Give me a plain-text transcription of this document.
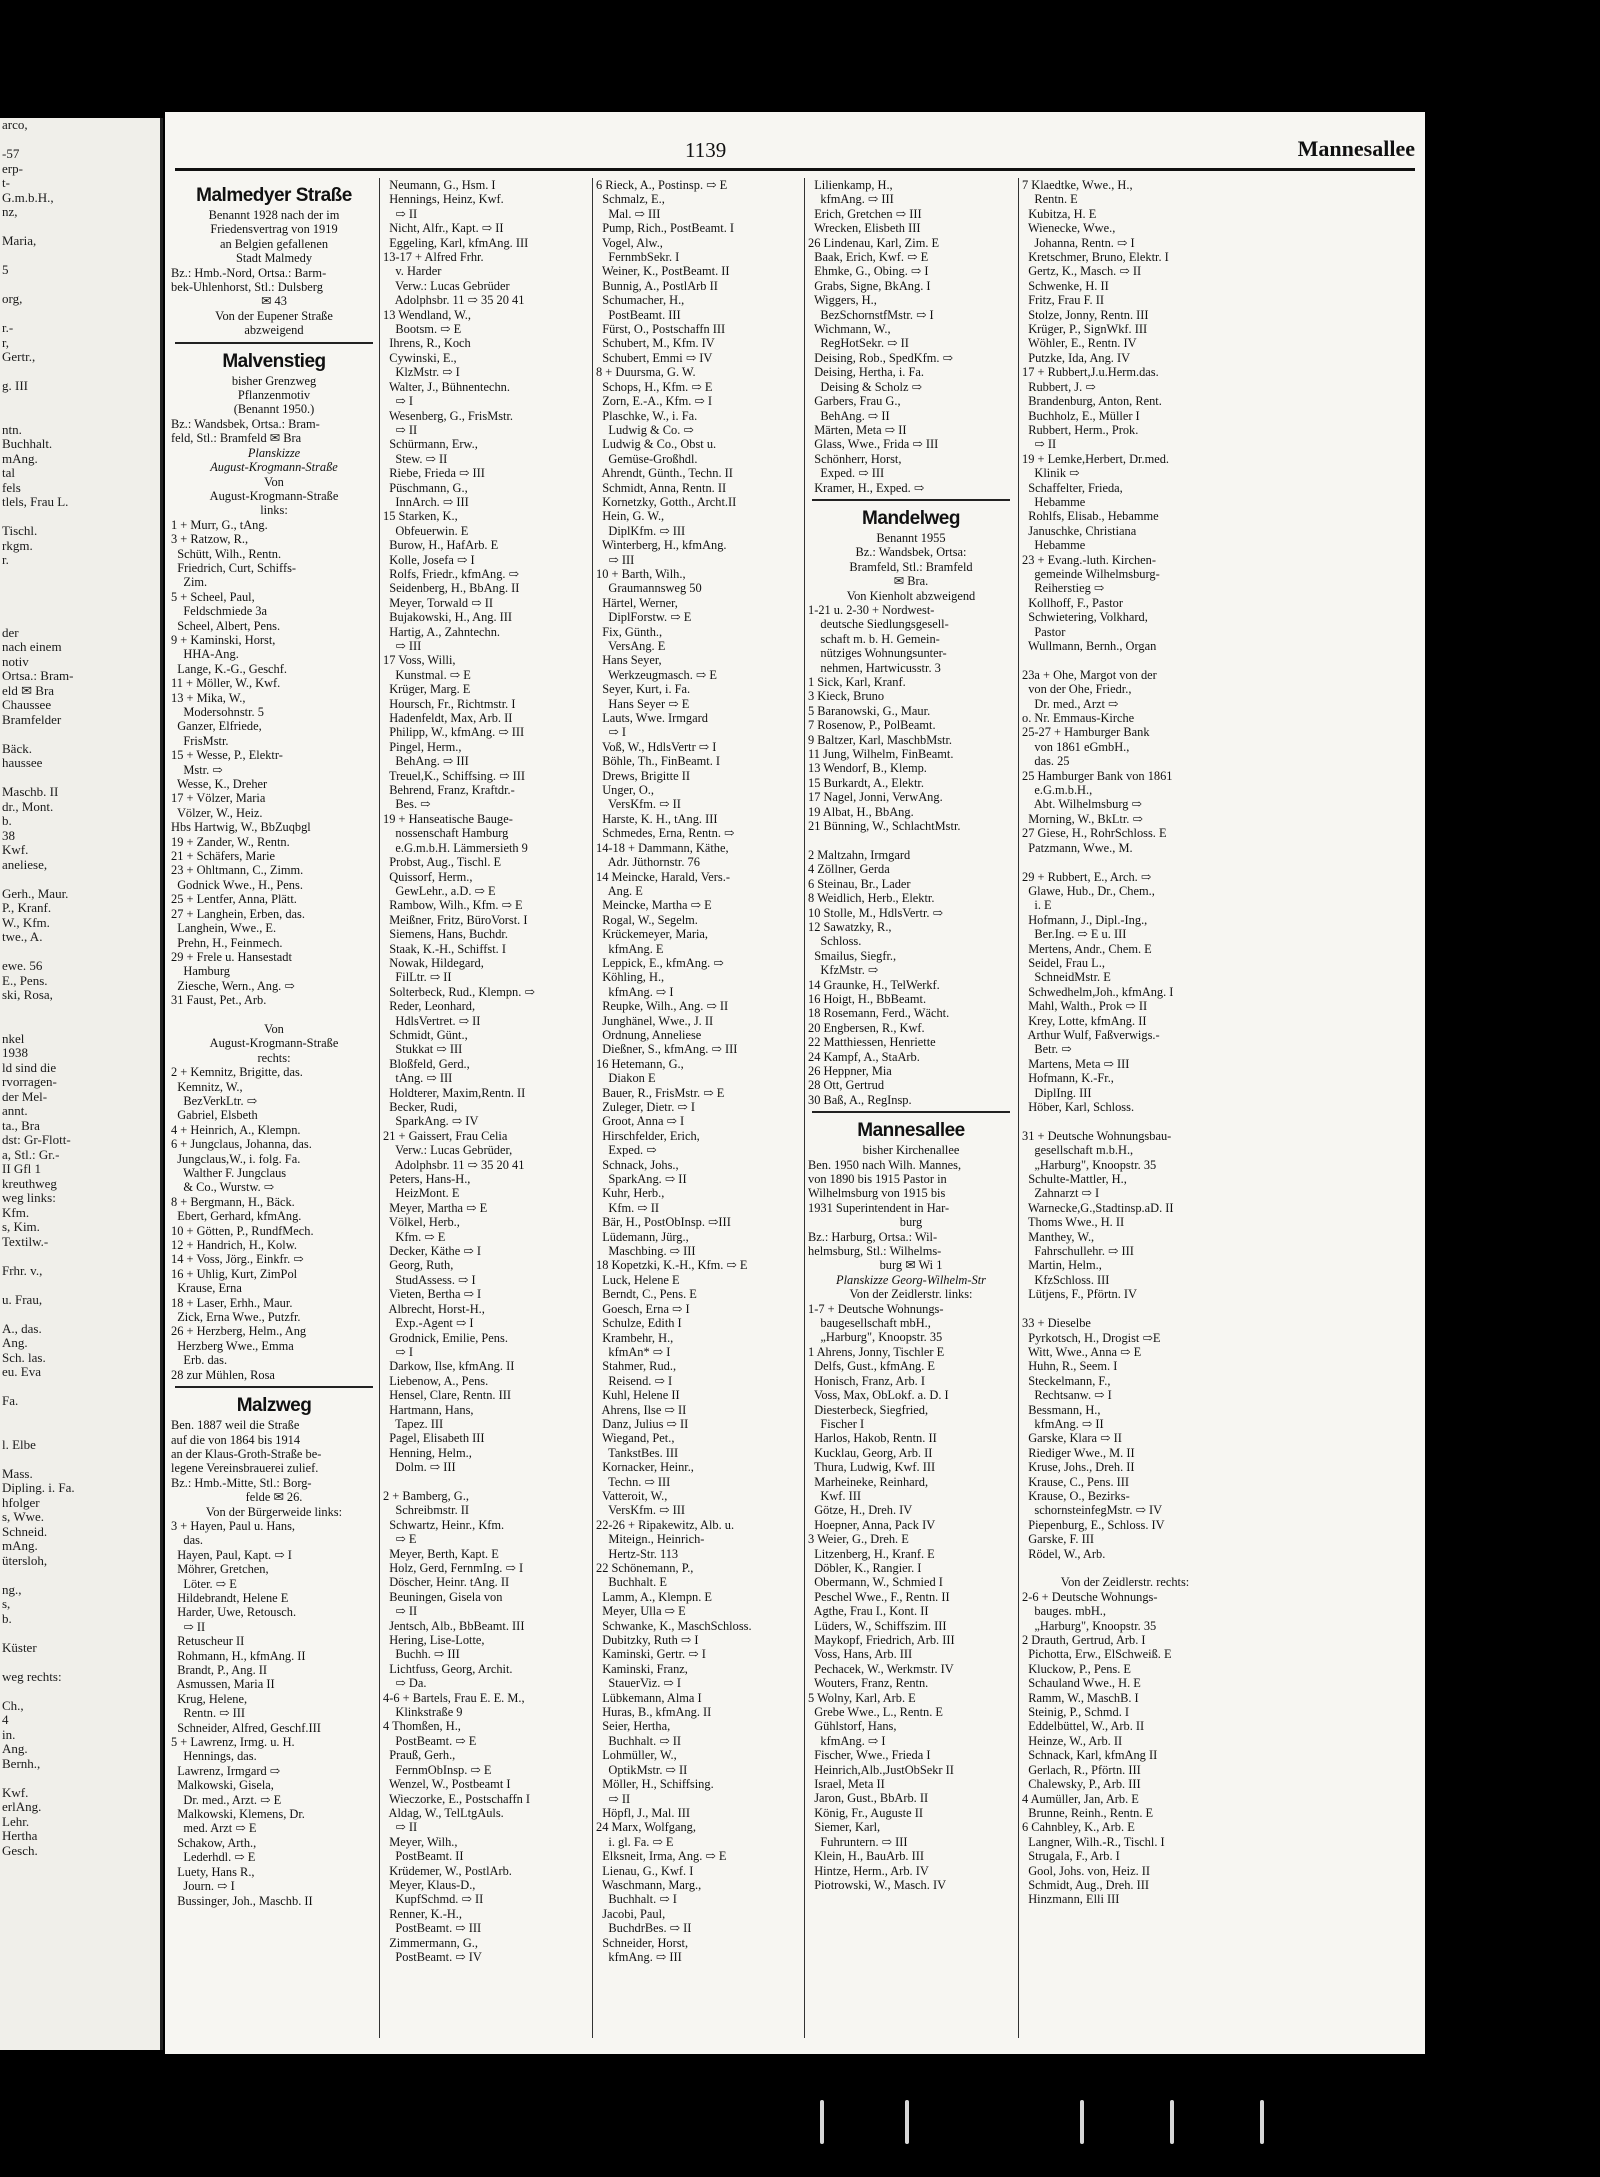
arco,

-57
erp-
t-
G.m.b.H.,
nz,

Maria,

5

org,

r.-
r,
Gertr.,

g. III

ntn.
Buchhalt.
mAng.
tal
fels
tlels, Frau L.

Tischl.
rkgm.
r.

der
nach einem
notiv
Ortsa.: Bram-
eld ✉ Bra
Chaussee
Bramfelder

Bäck.
haussee

Maschb. II
dr., Mont.
b.
38
Kwf.
aneliese,

Gerh., Maur.
P., Kranf.
W., Kfm.
twe., A.

ewe. 56
E., Pens.
ski, Rosa,

nkel
1938
ld sind die
rvorragen-
der Mel-
annt.
ta., Bra
dst: Gr-Flott-
a, Stl.: Gr.-
II Gfl 1
kreuthweg
weg links:
Kfm.
s, Kim.
Textilw.-

Frhr. v.,

u. Frau,

A., das.
Ang.
Sch. las.
eu. Eva

Fa.

l. Elbe

Mass.
Dipling. i. Fa.
hfolger
s, Wwe.
Schneid.
mAng.
ütersloh,

ng.,
s,
b.

Küster

weg rechts:

Ch.,
4
in.
Ang.
Bernh.,

Kwf.
erlAng.
Lehr.
Hertha
Gesch.
1139	Mannesallee
Malmedyer Straße
Benannt 1928 nach der im
Friedensvertrag von 1919
an Belgien gefallenen
Stadt Malmedy
Bz.: Hmb.-Nord, Ortsa.: Barm-
bek-Uhlenhorst, Stl.: Dulsberg
✉ 43
Von der Eupener Straße
abzweigend
Malvenstieg
bisher Grenzweg
Pflanzenmotiv
(Benannt 1950.)
Bz.: Wandsbek, Ortsa.: Bram-
feld, Stl.: Bramfeld ✉ Bra
Planskizze
August-Krogmann-Straße
Von
August-Krogmann-Straße
links:
1 + Murr, G., tAng.
3 + Ratzow, R.,
Schütt, Wilh., Rentn.
Friedrich, Curt, Schiffs-
Zim.
5 + Scheel, Paul,
Feldschmiede 3a
Scheel, Albert, Pens.
9 + Kaminski, Horst,
HHA-Ang.
Lange, K.-G., Geschf.
11 + Möller, W., Kwf.
13 + Mika, W.,
Modersohnstr. 5
Ganzer, Elfriede,
FrisMstr.
15 + Wesse, P., Elektr-
Mstr. ⇨
Wesse, K., Dreher
17 + Völzer, Maria
Völzer, W., Heiz.
Hbs Hartwig, W., BbZuqbgl
19 + Zander, W., Rentn.
21 + Schäfers, Marie
23 + Ohltmann, C., Zimm.
Godnick Wwe., H., Pens.
25 + Lentfer, Anna, Plätt.
27 + Langhein, Erben, das.
Langhein, Wwe., E.
Prehn, H., Feinmech.
29 + Frele u. Hansestadt
Hamburg
Ziesche, Wern., Ang. ⇨
31 Faust, Pet., Arb.

Von
August-Krogmann-Straße
rechts:
2 + Kemnitz, Brigitte, das.
Kemnitz, W.,
BezVerkLtr. ⇨
Gabriel, Elsbeth
4 + Heinrich, A., Klempn.
6 + Jungclaus, Johanna, das.
Jungclaus,W., i. folg. Fa.
Walther F. Jungclaus
& Co., Wurstw. ⇨
8 + Bergmann, H., Bäck.
Ebert, Gerhard, kfmAng.
10 + Götten, P., RundfMech.
12 + Handrich, H., Kolw.
14 + Voss, Jörg., Einkfr. ⇨
16 + Uhlig, Kurt, ZimPol
Krause, Erna
18 + Laser, Erhh., Maur.
Zick, Erna Wwe., Putzfr.
26 + Herzberg, Helm., Ang
Herzberg Wwe., Emma
Erb. das.
28 zur Mühlen, Rosa
Malzweg
Ben. 1887 weil die Straße
auf die von 1864 bis 1914
an der Klaus-Groth-Straße be-
legene Vereinsbrauerei zulief.
Bz.: Hmb.-Mitte, Stl.: Borg-
felde ✉ 26.
Von der Bürgerweide links:
3 + Hayen, Paul u. Hans,
das.
Hayen, Paul, Kapt. ⇨ I
Möhrer, Gretchen,
Löter. ⇨ E
Hildebrandt, Helene E
Harder, Uwe, Retousch.
⇨ II
Retuscheur II
Rohmann, H., kfmAng. II
Brandt, P., Ang. II
Asmussen, Maria II
Krug, Helene,
Rentn. ⇨ III
Schneider, Alfred, Geschf.III
5 + Lawrenz, Irmg. u. H.
Hennings, das.
Lawrenz, Irmgard ⇨
Malkowski, Gisela,
Dr. med., Arzt. ⇨ E
Malkowski, Klemens, Dr.
med. Arzt ⇨ E
Schakow, Arth.,
Lederhdl. ⇨ E
Luety, Hans R.,
Journ. ⇨ I
Bussinger, Joh., Maschb. II
Neumann, G., Hsm. I
Hennings, Heinz, Kwf.
⇨ II
Nicht, Alfr., Kapt. ⇨ II
Eggeling, Karl, kfmAng. III
13-17 + Alfred Frhr.
v. Harder
Verw.: Lucas Gebrüder
Adolphsbr. 11 ⇨ 35 20 41
13 Wendland, W.,
Bootsm. ⇨ E
Ihrens, R., Koch
Cywinski, E.,
KlzMstr. ⇨ I
Walter, J., Bühnentechn.
⇨ I
Wesenberg, G., FrisMstr.
⇨ II
Schürmann, Erw.,
Stew. ⇨ II
Riebe, Frieda ⇨ III
Püschmann, G.,
InnArch. ⇨ III
15 Starken, K.,
Obfeuerwin. E
Burow, H., HafArb. E
Kolle, Josefa ⇨ I
Rolfs, Friedr., kfmAng. ⇨
Seidenberg, H., BbAng. II
Meyer, Torwald ⇨ II
Bujakowski, H., Ang. III
Hartig, A., Zahntechn.
⇨ III
17 Voss, Willi,
Kunstmal. ⇨ E
Krüger, Marg. E
Hoursch, Fr., Richtmstr. I
Hadenfeldt, Max, Arb. II
Philipp, W., kfmAng. ⇨ III
Pingel, Herm.,
BehAng. ⇨ III
Treuel,K., Schiffsing. ⇨ III
Behrend, Franz, Kraftdr.-
Bes. ⇨
19 + Hanseatische Bauge-
nossenschaft Hamburg
e.G.m.b.H. Lämmersieth 9
Probst, Aug., Tischl. E
Quissorf, Herm.,
GewLehr., a.D. ⇨ E
Rambow, Wilh., Kfm. ⇨ E
Meißner, Fritz, BüroVorst. I
Siemens, Hans, Buchdr.
Staak, K.-H., Schiffst. I
Nowak, Hildegard,
FilLtr. ⇨ II
Solterbeck, Rud., Klempn. ⇨
Reder, Leonhard,
HdlsVertret. ⇨ II
Schmidt, Günt.,
Stukkat ⇨ III
Bloßfeld, Gerd.,
tAng. ⇨ III
Holdterer, Maxim,Rentn. II
Becker, Rudi,
SparkAng. ⇨ IV
21 + Gaissert, Frau Celia
Verw.: Lucas Gebrüder,
Adolphsbr. 11 ⇨ 35 20 41
Peters, Hans-H.,
HeizMont. E
Meyer, Martha ⇨ E
Völkel, Herb.,
Kfm. ⇨ E
Decker, Käthe ⇨ I
Georg, Ruth,
StudAssess. ⇨ I
Vieten, Bertha ⇨ I
Albrecht, Horst-H.,
Exp.-Agent ⇨ I
Grodnick, Emilie, Pens.
⇨ I
Darkow, Ilse, kfmAng. II
Liebenow, A., Pens.
Hensel, Clare, Rentn. III
Hartmann, Hans,
Tapez. III
Pagel, Elisabeth III
Henning, Helm.,
Dolm. ⇨ III

2 + Bamberg, G.,
Schreibmstr. II
Schwartz, Heinr., Kfm.
⇨ E
Meyer, Berth, Kapt. E
Holz, Gerd, FernmIng. ⇨ I
Döscher, Heinr. tAng. II
Beuningen, Gisela von
⇨ II
Jentsch, Alb., BbBeamt. III
Hering, Lise-Lotte,
Buchh. ⇨ III
Lichtfuss, Georg, Archit.
⇨ Da.
4-6 + Bartels, Frau E. E. M.,
Klinkstraße 9
4 Thomßen, H.,
PostBeamt. ⇨ E
Prauß, Gerh.,
FernmObInsp. ⇨ E
Wenzel, W., Postbeamt I
Wieczorke, E., Postschaffn I
Aldag, W., TelLtgAuls.
⇨ II
Meyer, Wilh.,
PostBeamt. II
Krüdemer, W., PostlArb.
Meyer, Klaus-D.,
KupfSchmd. ⇨ II
Renner, K.-H.,
PostBeamt. ⇨ III
Zimmermann, G.,
PostBeamt. ⇨ IV
6 Rieck, A., Postinsp. ⇨ E
Schmalz, E.,
Mal. ⇨ III
Pump, Rich., PostBeamt. I
Vogel, Alw.,
FernmbSekr. I
Weiner, K., PostBeamt. II
Bunnig, A., PostlArb II
Schumacher, H.,
PostBeamt. III
Fürst, O., Postschaffn III
Schubert, M., Kfm. IV
Schubert, Emmi ⇨ IV
8 + Duursma, G. W.
Schops, H., Kfm. ⇨ E
Zorn, E.-A., Kfm. ⇨ I
Plaschke, W., i. Fa.
Ludwig & Co. ⇨
Ludwig & Co., Obst u.
Gemüse-Großhdl.
Ahrendt, Günth., Techn. II
Schmidt, Anna, Rentn. II
Kornetzky, Gotth., Archt.II
Hein, G. W.,
DiplKfm. ⇨ III
Winterberg, H., kfmAng.
⇨ III
10 + Barth, Wilh.,
Graumannsweg 50
Härtel, Werner,
DiplForstw. ⇨ E
Fix, Günth.,
VersAng. E
Hans Seyer,
Werkzeugmasch. ⇨ E
Seyer, Kurt, i. Fa.
Hans Seyer ⇨ E
Lauts, Wwe. Irmgard
⇨ I
Voß, W., HdlsVertr ⇨ I
Böhle, Th., FinBeamt. I
Drews, Brigitte II
Unger, O.,
VersKfm. ⇨ II
Harste, K. H., tAng. III
Schmedes, Erna, Rentn. ⇨
14-18 + Dammann, Käthe,
Adr. Jüthornstr. 76
14 Meincke, Harald, Vers.-
Ang. E
Meincke, Martha ⇨ E
Rogal, W., Segelm.
Krückemeyer, Maria,
kfmAng. E
Leppick, E., kfmAng. ⇨
Köhling, H.,
kfmAng. ⇨ I
Reupke, Wilh., Ang. ⇨ II
Junghänel, Wwe., J. II
Ordnung, Anneliese
Dießner, S., kfmAng. ⇨ III
16 Hetemann, G.,
Diakon E
Bauer, R., FrisMstr. ⇨ E
Zuleger, Dietr. ⇨ I
Groot, Anna ⇨ I
Hirschfelder, Erich,
Exped. ⇨
Schnack, Johs.,
SparkAng. ⇨ II
Kuhr, Herb.,
Kfm. ⇨ II
Bär, H., PostObInsp. ⇨III
Lüdemann, Jürg.,
Maschbing. ⇨ III
18 Kopetzki, K.-H., Kfm. ⇨ E
Luck, Helene E
Berndt, C., Pens. E
Goesch, Erna ⇨ I
Schulze, Edith I
Krambehr, H.,
kfmAn* ⇨ I
Stahmer, Rud.,
Reisend. ⇨ I
Kuhl, Helene II
Ahrens, Ilse ⇨ II
Danz, Julius ⇨ II
Wiegand, Pet.,
TankstBes. III
Kornacker, Heinr.,
Techn. ⇨ III
Vatteroit, W.,
VersKfm. ⇨ III
22-26 + Ripakewitz, Alb. u.
Miteign., Heinrich-
Hertz-Str. 113
22 Schönemann, P.,
Buchhalt. E
Lamm, A., Klempn. E
Meyer, Ulla ⇨ E
Schwanke, K., MaschSchloss.
Dubitzky, Ruth ⇨ I
Kaminski, Gertr. ⇨ I
Kaminski, Franz,
StauerViz. ⇨ I
Lübkemann, Alma I
Huras, B., kfmAng. II
Seier, Hertha,
Buchhalt. ⇨ II
Lohmüller, W.,
OptikMstr. ⇨ II
Möller, H., Schiffsing.
⇨ II
Höpfl, J., Mal. III
24 Marx, Wolfgang,
i. gl. Fa. ⇨ E
Elksneit, Irma, Ang. ⇨ E
Lienau, G., Kwf. I
Waschmann, Marg.,
Buchhalt. ⇨ I
Jacobi, Paul,
BuchdrBes. ⇨ II
Schneider, Horst,
kfmAng. ⇨ III
Lilienkamp, H.,
kfmAng. ⇨ III
Erich, Gretchen ⇨ III
Wrecken, Elisbeth III
26 Lindenau, Karl, Zim. E
Baak, Erich, Kwf. ⇨ E
Ehmke, G., Obing. ⇨ I
Grabs, Signe, BkAng. I
Wiggers, H.,
BezSchornstfMstr. ⇨ I
Wichmann, W.,
RegHotSekr. ⇨ II
Deising, Rob., SpedKfm. ⇨
Deising, Hertha, i. Fa.
Deising & Scholz ⇨
Garbers, Frau G.,
BehAng. ⇨ II
Märten, Meta ⇨ II
Glass, Wwe., Frida ⇨ III
Schönherr, Horst,
Exped. ⇨ III
Kramer, H., Exped. ⇨
Mandelweg
Benannt 1955
Bz.: Wandsbek, Ortsa:
Bramfeld, Stl.: Bramfeld
✉ Bra.
Von Kienholt abzweigend
1-21 u. 2-30 + Nordwest-
deutsche Siedlungsgesell-
schaft m. b. H. Gemein-
nütziges Wohnungsunter-
nehmen, Hartwicusstr. 3
1 Sick, Karl, Kranf.
3 Kieck, Bruno
5 Baranowski, G., Maur.
7 Rosenow, P., PolBeamt.
9 Baltzer, Karl, MaschbMstr.
11 Jung, Wilhelm, FinBeamt.
13 Wendorf, B., Klemp.
15 Burkardt, A., Elektr.
17 Nagel, Jonni, VerwAng.
19 Albat, H., BbAng.
21 Bünning, W., SchlachtMstr.

2 Maltzahn, Irmgard
4 Zöllner, Gerda
6 Steinau, Br., Lader
8 Weidlich, Herb., Elektr.
10 Stolle, M., HdlsVertr. ⇨
12 Sawatzky, R.,
Schloss.
Smailus, Siegfr.,
KfzMstr. ⇨
14 Graunke, H., TelWerkf.
16 Hoigt, H., BbBeamt.
18 Rosemann, Ferd., Wächt.
20 Engbersen, R., Kwf.
22 Matthiessen, Henriette
24 Kampf, A., StaArb.
26 Heppner, Mia
28 Ott, Gertrud
30 Baß, A., RegInsp.
Mannesallee
bisher Kirchenallee
Ben. 1950 nach Wilh. Mannes,
von 1890 bis 1915 Pastor in
Wilhelmsburg von 1915 bis
1931 Superintendent in Har-
burg
Bz.: Harburg, Ortsa.: Wil-
helmsburg, Stl.: Wilhelms-
burg ✉ Wi 1
Planskizze Georg-Wilhelm-Str
Von der Zeidlerstr. links:
1-7 + Deutsche Wohnungs-
baugesellschaft mbH.,
„Harburg", Knoopstr. 35
1 Ahrens, Jonny, Tischler E
Delfs, Gust., kfmAng. E
Honisch, Franz, Arb. I
Voss, Max, ObLokf. a. D. I
Diesterbeck, Siegfried,
Fischer I
Harlos, Hakob, Rentn. II
Kucklau, Georg, Arb. II
Thura, Ludwig, Kwf. III
Marheineke, Reinhard,
Kwf. III
Götze, H., Dreh. IV
Hoepner, Anna, Pack IV
3 Weier, G., Dreh. E
Litzenberg, H., Kranf. E
Döbler, K., Rangier. I
Obermann, W., Schmied I
Peschel Wwe., F., Rentn. II
Agthe, Frau I., Kont. II
Lüders, W., Schiffszim. III
Maykopf, Friedrich, Arb. III
Voss, Hans, Arb. III
Pechacek, W., Werkmstr. IV
Wouters, Franz, Rentn.
5 Wolny, Karl, Arb. E
Grebe Wwe., L., Rentn. E
Gühlstorf, Hans,
kfmAng. ⇨ I
Fischer, Wwe., Frieda I
Heinrich,Alb.,JustObSekr II
Israel, Meta II
Jaron, Gust., BbArb. II
König, Fr., Auguste II
Siemer, Karl,
Fuhruntern. ⇨ III
Klein, H., BauArb. III
Hintze, Herm., Arb. IV
Piotrowski, W., Masch. IV
7 Klaedtke, Wwe., H.,
Rentn. E
Kubitza, H. E
Wienecke, Wwe.,
Johanna, Rentn. ⇨ I
Kretschmer, Bruno, Elektr. I
Gertz, K., Masch. ⇨ II
Schwenke, H. II
Fritz, Frau F. II
Stolze, Jonny, Rentn. III
Krüger, P., SignWkf. III
Wöhler, E., Rentn. IV
Putzke, Ida, Ang. IV
17 + Rubbert,J.u.Herm.das.
Rubbert, J. ⇨
Brandenburg, Anton, Rent.
Buchholz, E., Müller I
Rubbert, Herm., Prok.
⇨ II
19 + Lemke,Herbert, Dr.med.
Klinik ⇨
Schaffelter, Frieda,
Hebamme
Rohlfs, Elisab., Hebamme
Januschke, Christiana
Hebamme
23 + Evang.-luth. Kirchen-
gemeinde Wilhelmsburg-
Reiherstieg ⇨
Kollhoff, F., Pastor
Schwietering, Volkhard,
Pastor
Wullmann, Bernh., Organ

23a + Ohe, Margot von der
von der Ohe, Friedr.,
Dr. med., Arzt ⇨
o. Nr. Emmaus-Kirche
25-27 + Hamburger Bank
von 1861 eGmbH.,
das. 25
25 Hamburger Bank von 1861
e.G.m.b.H.,
Abt. Wilhelmsburg ⇨
Morning, W., BkLtr. ⇨
27 Giese, H., RohrSchloss. E
Patzmann, Wwe., M.

29 + Rubbert, E., Arch. ⇨
Glawe, Hub., Dr., Chem.,
i. E
Hofmann, J., Dipl.-Ing.,
Ber.Ing. ⇨ E u. III
Mertens, Andr., Chem. E
Seidel, Frau L.,
SchneidMstr. E
Schwedhelm,Joh., kfmAng. I
Mahl, Walth., Prok ⇨ II
Krey, Lotte, kfmAng. II
Arthur Wulf, Faßverwigs.-
Betr. ⇨
Martens, Meta ⇨ III
Hofmann, K.-Fr.,
DiplIng. III
Höber, Karl, Schloss.

31 + Deutsche Wohnungsbau-
gesellschaft m.b.H.,
„Harburg", Knoopstr. 35
Schulte-Mattler, H.,
Zahnarzt ⇨ I
Warnecke,G.,Stadtinsp.aD. II
Thoms Wwe., H. II
Manthey, W.,
Fahrschullehr. ⇨ III
Martin, Helm.,
KfzSchloss. III
Lütjens, F., Pförtn. IV

33 + Dieselbe
Pyrkotsch, H., Drogist ⇨E
Witt, Wwe., Anna ⇨ E
Huhn, R., Seem. I
Steckelmann, F.,
Rechtsanw. ⇨ I
Bessmann, H.,
kfmAng. ⇨ II
Garske, Klara ⇨ II
Riediger Wwe., M. II
Kruse, Johs., Dreh. II
Krause, C., Pens. III
Krause, O., Bezirks-
schornsteinfegMstr. ⇨ IV
Piepenburg, E., Schloss. IV
Garske, F. III
Rödel, W., Arb.

Von der Zeidlerstr. rechts:
2-6 + Deutsche Wohnungs-
bauges. mbH.,
„Harburg", Knoopstr. 35
2 Drauth, Gertrud, Arb. I
Pichotta, Erw., ElSchweiß. E
Kluckow, P., Pens. E
Schauland Wwe., H. E
Ramm, W., MaschB. I
Steinig, P., Schmd. I
Eddelbüttel, W., Arb. II
Heinze, W., Arb. II
Schnack, Karl, kfmAng II
Gerlach, R., Pförtn. III
Chalewsky, P., Arb. III
4 Aumüller, Jan, Arb. E
Brunne, Reinh., Rentn. E
6 Cahnbley, K., Arb. E
Langner, Wilh.-R., Tischl. I
Strugala, F., Arb. I
Gool, Johs. von, Heiz. II
Schmidt, Aug., Dreh. III
Hinzmann, Elli III
